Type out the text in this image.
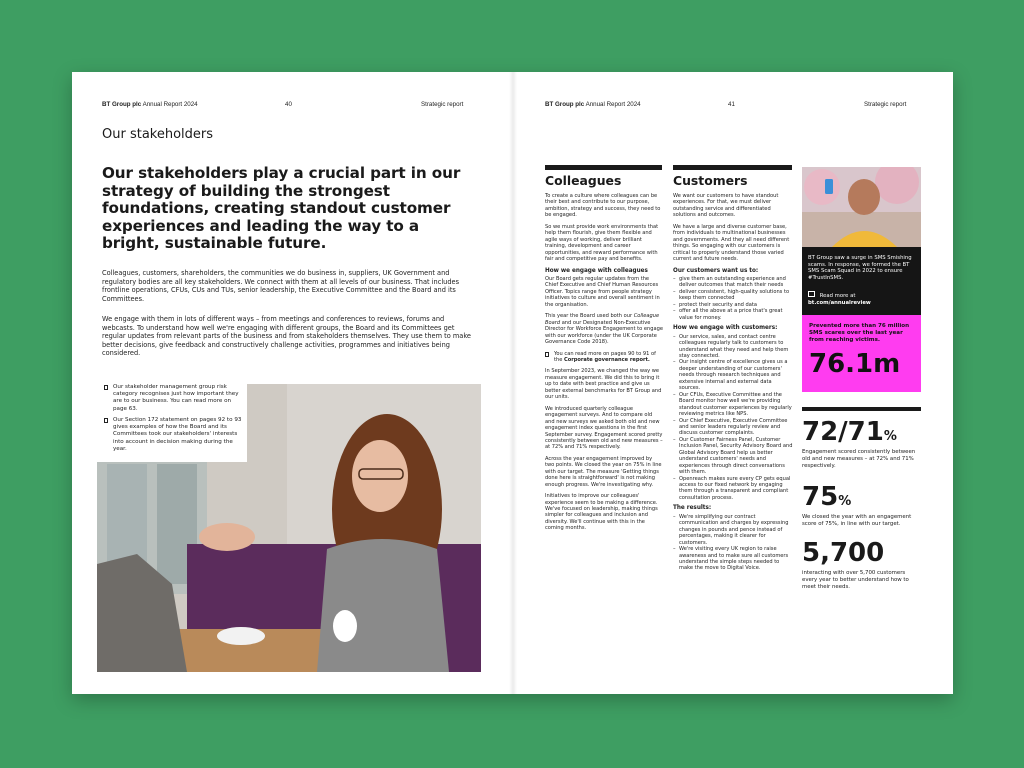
BT Group plc Annual Report 2024	40	Strategic report
Our stakeholders
Our stakeholders play a crucial part in our strategy of building the strongest foundations, creating standout customer experiences and leading the way to a bright, sustainable future.
Colleagues, customers, shareholders, the communities we do business in, suppliers, UK Government and regulatory bodies are all key stakeholders. We connect with them at all levels of our business. That includes frontline operations, CFUs, CUs and TUs, senior leadership, the Executive Committee and the Board and its Committees.
We engage with them in lots of different ways – from meetings and conferences to reviews, forums and webcasts. To understand how well we're engaging with different groups, the Board and its Committees get regular updates from relevant parts of the business and from stakeholders themselves. They use them to make better decisions, give feedback and constructively challenge activities, programmes and initiatives being considered.
Our stakeholder management group risk category recognises just how important they are to our business. You can read more on page 63.
Our Section 172 statement on pages 92 to 93 gives examples of how the Board and its Committees took our stakeholders' interests into account in decision making during the year.
BT Group plc Annual Report 2024	41	Strategic report
Colleagues

To create a culture where colleagues can be their best and contribute to our purpose, ambition, strategy and success, they need to be engaged.

So we must provide work environments that help them flourish, give them flexible and agile ways of working, deliver brilliant training, development and career opportunities, and reward performance with fair and competitive pay and benefits.

How we engage with colleagues

Our Board gets regular updates from the Chief Executive and Chief Human Resources Officer. Topics range from people strategy initiatives to culture and overall sentiment in the organisation.

This year the Board used both our Colleague Board and our Designated Non-Executive Director for Workforce Engagement to engage with our workforce (under the UK Corporate Governance Code 2018).

You can read more on pages 90 to 91 of the Corporate governance report.

In September 2023, we changed the way we measure engagement. We did this to bring it up to date with best practice and give us better external benchmarks for BT Group and our units.

We introduced quarterly colleague engagement surveys. And to compare old and new surveys we asked both old and new engagement index questions in the first September survey. Engagement scored pretty consistently between old and new measures – at 72% and 71% respectively.

Across the year engagement improved by two points. We closed the year on 75% in line with our target. The measure 'Getting things done here is straightforward' is not making enough progress. We're investigating why.

Initiatives to improve our colleagues' experience seem to be making a difference. We've focused on leadership, making things simpler for colleagues and inclusion and diversity. We'll continue with this in the coming months.

Customers

We want our customers to have standout experiences. For that, we must deliver outstanding service and differentiated solutions and outcomes.

We have a large and diverse customer base, from individuals to multinational businesses and governments. And they all need different things. So engaging with our customers is critical to properly understand those varied current and future needs.

Our customers want us to:
– give them an outstanding experience and deliver outcomes that match their needs
– deliver consistent, high-quality solutions to keep them connected
– protect their security and data
– offer all the above at a price that's great value for money.
How we engage with customers:
– Our service, sales, and contact centre colleagues regularly talk to customers to understand what they need and help them stay connected.
– Our insight centre of excellence gives us a deeper understanding of our customers' needs through research techniques and extensive internal and external data sources.
– Our CFUs, Executive Committee and the Board monitor how well we're providing standout customer experiences by regularly reviewing metrics like NPS.
– Our Chief Executive, Executive Committee and senior leaders regularly review and discuss customer complaints.
– Our Customer Fairness Panel, Customer Inclusion Panel, Security Advisory Board and Global Advisory Board help us better understand customers' needs and experiences through direct conversations with them.
– Openreach makes sure every CP gets equal access to our fixed network by engaging them through a transparent and compliant consultation process.
The results:
– We're simplifying our contract communication and charges by expressing changes in pounds and pence instead of percentages, making it clearer for customers.
– We're visiting every UK region to raise awareness and to make sure all customers understand the simple steps needed to make the move to Digital Voice.
BT Group saw a surge in SMS Smishing scams. In response, we formed the BT SMS Scam Squad in 2022 to ensure #TrustInSMS.
Read more at bt.com/annualreview
Prevented more than 76 million SMS scares over the last year from reaching victims.
76.1m
72/71%
Engagement scored consistently between old and new measures – at 72% and 71% respectively.
75%
We closed the year with an engagement score of 75%, in line with our target.
5,700
interacting with over 5,700 customers every year to better understand how to meet their needs.
